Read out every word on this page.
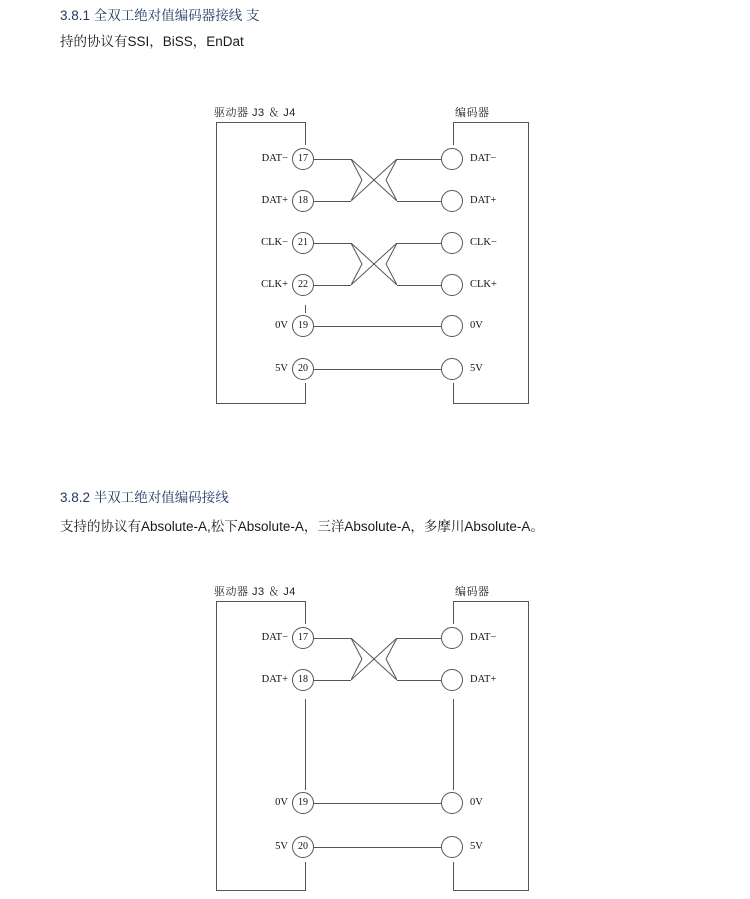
3.8.1 全双工绝对值编码器接线 支
持的协议有SSI，BiSS，EnDat
驱动器 J3 ＆ J4	编码器
DAT−	17	DAT−
DAT+	18	DAT+
CLK−	21	CLK−
CLK+	22	CLK+
0V	19	0V
5V	20	5V
3.8.2 半双工绝对值编码接线
支持的协议有Absolute-A,松下Absolute-A，三洋Absolute-A，多摩川Absolute-A。
驱动器 J3 ＆ J4	编码器
DAT−	17	DAT−
DAT+	18	DAT+
0V	19	0V
5V	20	5V
